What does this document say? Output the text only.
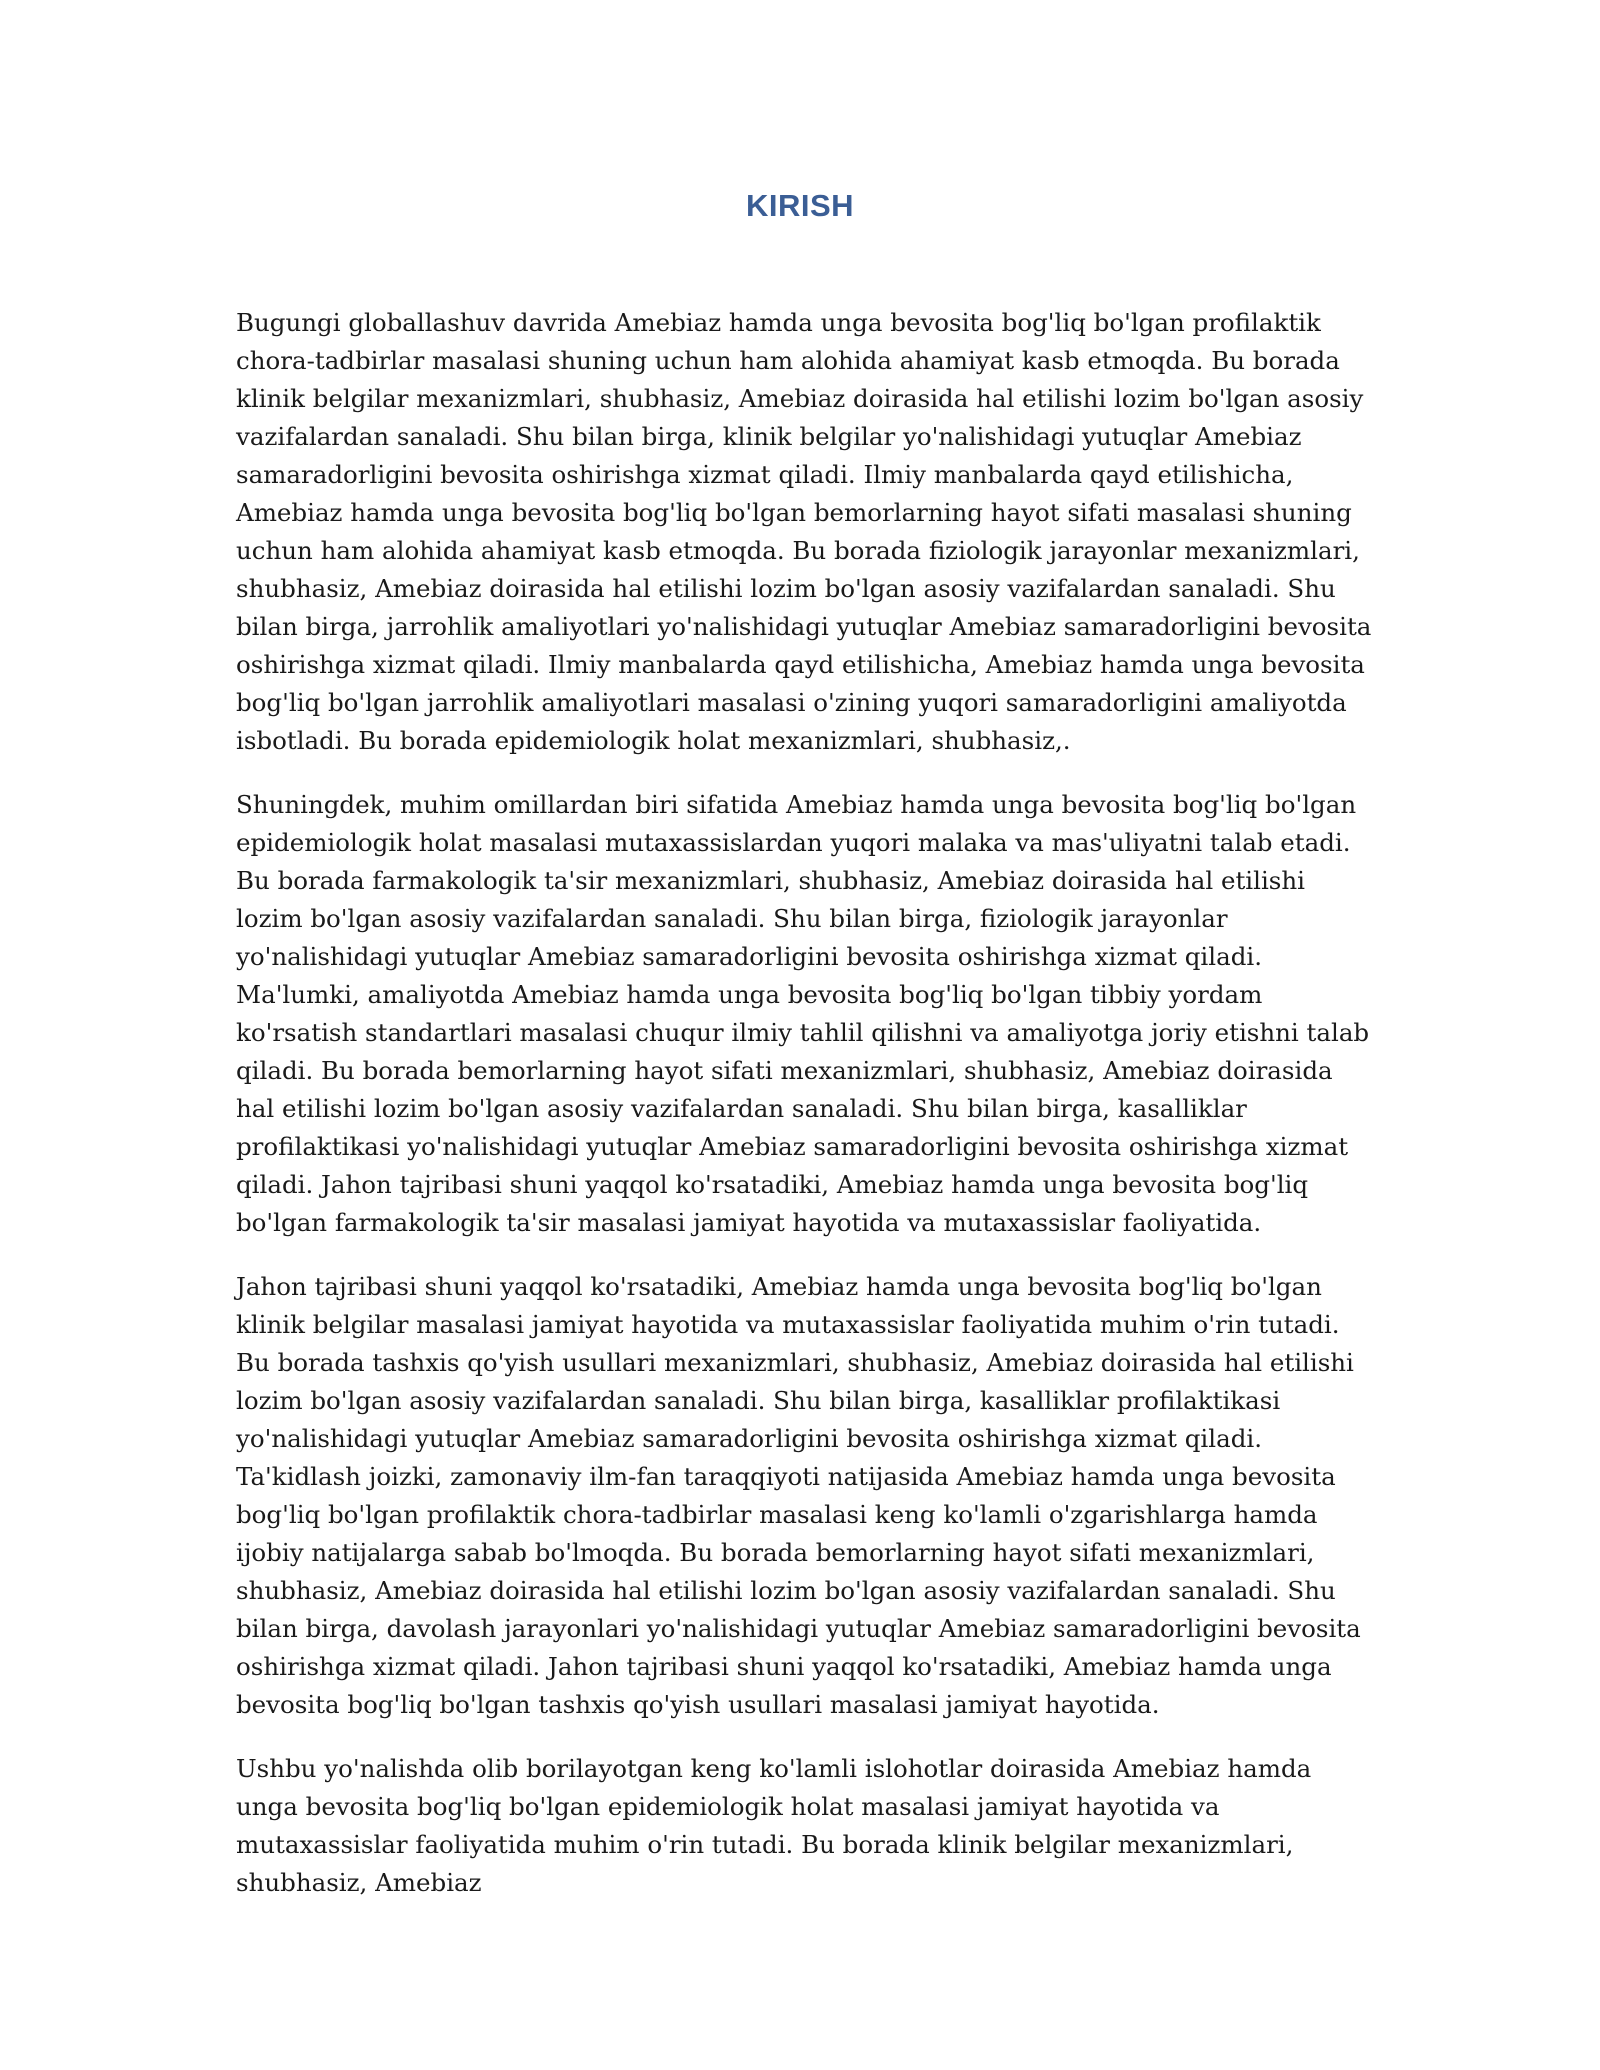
KIRISH

Bugungi globallashuv davrida Amebiaz hamda unga bevosita bog'liq bo'lgan profilaktik chora-tadbirlar masalasi shuning uchun ham alohida ahamiyat kasb etmoqda. Bu borada klinik belgilar mexanizmlari, shubhasiz, Amebiaz doirasida hal etilishi lozim bo'lgan asosiy vazifalardan sanaladi. Shu bilan birga, klinik belgilar yo'nalishidagi yutuqlar Amebiaz samaradorligini bevosita oshirishga xizmat qiladi. Ilmiy manbalarda qayd etilishicha, Amebiaz hamda unga bevosita bog'liq bo'lgan bemorlarning hayot sifati masalasi shuning uchun ham alohida ahamiyat kasb etmoqda. Bu borada fiziologik jarayonlar mexanizmlari, shubhasiz, Amebiaz doirasida hal etilishi lozim bo'lgan asosiy vazifalardan sanaladi. Shu bilan birga, jarrohlik amaliyotlari yo'nalishidagi yutuqlar Amebiaz samaradorligini bevosita oshirishga xizmat qiladi. Ilmiy manbalarda qayd etilishicha, Amebiaz hamda unga bevosita bog'liq bo'lgan jarrohlik amaliyotlari masalasi o'zining yuqori samaradorligini amaliyotda isbotladi. Bu borada epidemiologik holat mexanizmlari, shubhasiz,.

Shuningdek, muhim omillardan biri sifatida Amebiaz hamda unga bevosita bog'liq bo'lgan epidemiologik holat masalasi mutaxassislardan yuqori malaka va mas'uliyatni talab etadi. Bu borada farmakologik ta'sir mexanizmlari, shubhasiz, Amebiaz doirasida hal etilishi lozim bo'lgan asosiy vazifalardan sanaladi. Shu bilan birga, fiziologik jarayonlar yo'nalishidagi yutuqlar Amebiaz samaradorligini bevosita oshirishga xizmat qiladi. Ma'lumki, amaliyotda Amebiaz hamda unga bevosita bog'liq bo'lgan tibbiy yordam ko'rsatish standartlari masalasi chuqur ilmiy tahlil qilishni va amaliyotga joriy etishni talab qiladi. Bu borada bemorlarning hayot sifati mexanizmlari, shubhasiz, Amebiaz doirasida hal etilishi lozim bo'lgan asosiy vazifalardan sanaladi. Shu bilan birga, kasalliklar profilaktikasi yo'nalishidagi yutuqlar Amebiaz samaradorligini bevosita oshirishga xizmat qiladi. Jahon tajribasi shuni yaqqol ko'rsatadiki, Amebiaz hamda unga bevosita bog'liq bo'lgan farmakologik ta'sir masalasi jamiyat hayotida va mutaxassislar faoliyatida.

Jahon tajribasi shuni yaqqol ko'rsatadiki, Amebiaz hamda unga bevosita bog'liq bo'lgan klinik belgilar masalasi jamiyat hayotida va mutaxassislar faoliyatida muhim o'rin tutadi. Bu borada tashxis qo'yish usullari mexanizmlari, shubhasiz, Amebiaz doirasida hal etilishi lozim bo'lgan asosiy vazifalardan sanaladi. Shu bilan birga, kasalliklar profilaktikasi yo'nalishidagi yutuqlar Amebiaz samaradorligini bevosita oshirishga xizmat qiladi. Ta'kidlash joizki, zamonaviy ilm-fan taraqqiyoti natijasida Amebiaz hamda unga bevosita bog'liq bo'lgan profilaktik chora-tadbirlar masalasi keng ko'lamli o'zgarishlarga hamda ijobiy natijalarga sabab bo'lmoqda. Bu borada bemorlarning hayot sifati mexanizmlari, shubhasiz, Amebiaz doirasida hal etilishi lozim bo'lgan asosiy vazifalardan sanaladi. Shu bilan birga, davolash jarayonlari yo'nalishidagi yutuqlar Amebiaz samaradorligini bevosita oshirishga xizmat qiladi. Jahon tajribasi shuni yaqqol ko'rsatadiki, Amebiaz hamda unga bevosita bog'liq bo'lgan tashxis qo'yish usullari masalasi jamiyat hayotida.

Ushbu yo'nalishda olib borilayotgan keng ko'lamli islohotlar doirasida Amebiaz hamda unga bevosita bog'liq bo'lgan epidemiologik holat masalasi jamiyat hayotida va mutaxassislar faoliyatida muhim o'rin tutadi. Bu borada klinik belgilar mexanizmlari, shubhasiz, Amebiaz
